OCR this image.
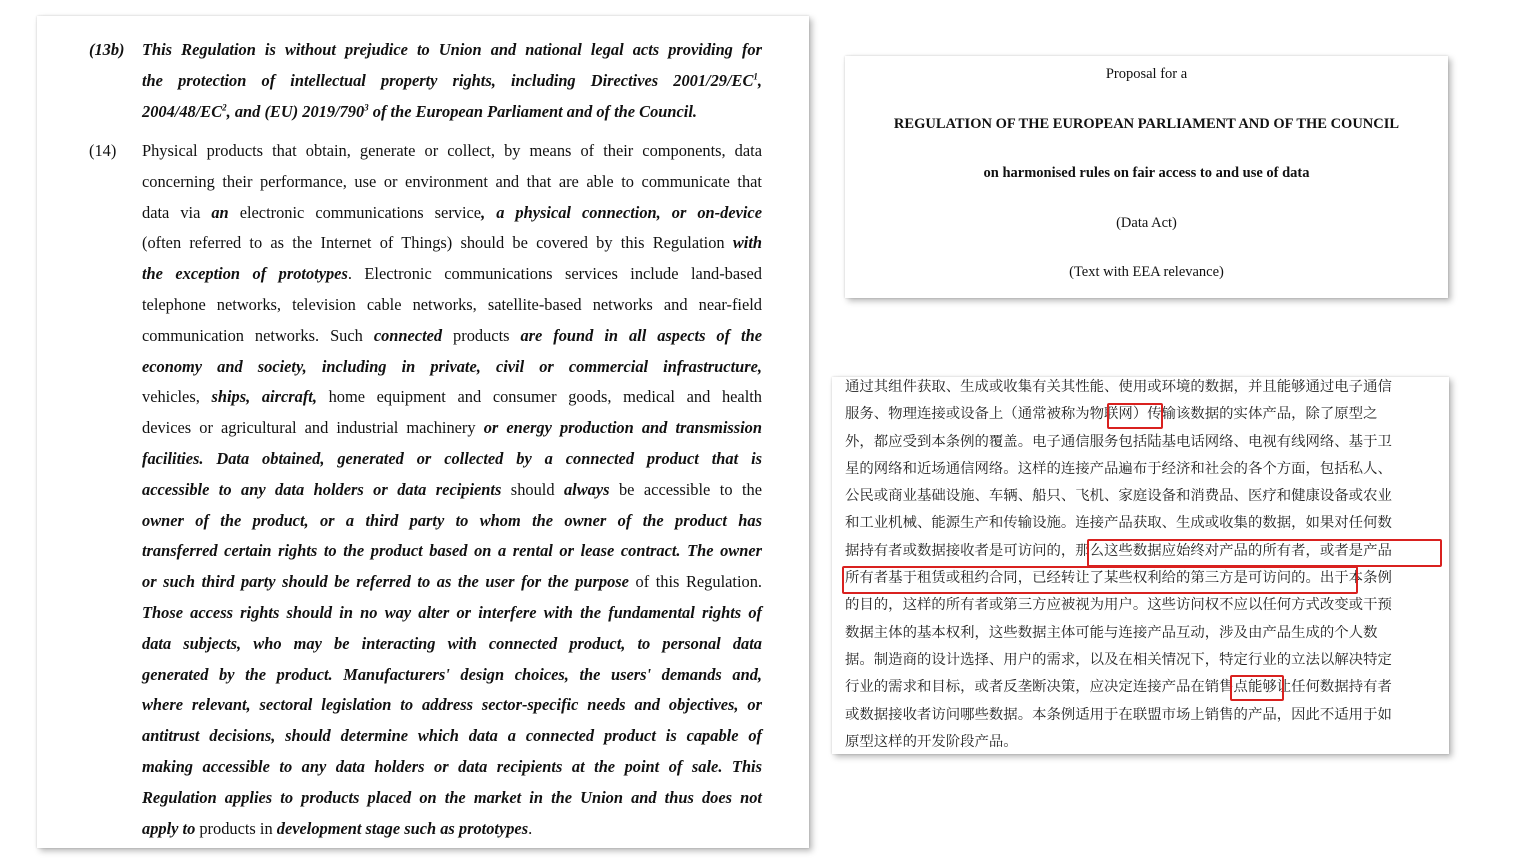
(13b) This Regulation is without prejudice to Union and national legal acts providing for
the protection of intellectual property rights, including Directives $2001/29/EC^1$,
$2004/48/EC^2$, and (EU) $2019/790^3$ of the European Parliament and of the Council.
(14) Physical products that obtain, generate or collect, by means of their components, data
concerning their performance, use or environment and that are able to communicate that
data via an electronic communications service, a physical connection, or on-device
(often referred to as the Internet of Things) should be covered by this Regulation with
the exception of prototypes. Electronic communications services include land-based
telephone networks, television cable networks, satellite-based networks and near-field
communication networks. Such connected products are found in all aspects of the
economy and society, including in private, civil or commercial infrastructure,
vehicles, ships, aircraft, home equipment and consumer goods, medical and health
devices or agricultural and industrial machinery or energy production and transmission
facilities. Data obtained, generated or collected by a connected product that is
accessible to any data holders or data recipients should always be accessible to the
owner of the product, or a third party to whom the owner of the product has
transferred certain rights to the product based on a rental or lease contract. The owner
or such third party should be referred to as the user for the purpose of this Regulation.
Those access rights should in no way alter or interfere with the fundamental rights of
data subjects, who may be interacting with connected product, to personal data
generated by the product. Manufacturers' design choices, the users' demands and,
where relevant, sectoral legislation to address sector-specific needs and objectives, or
antitrust decisions, should determine which data a connected product is capable of
making accessible to any data holders or data recipients at the point of sale. This
Regulation applies to products placed on the market in the Union and thus does not
apply to products in development stage such as prototypes.
Proposal for a
REGULATION OF THE EUROPEAN PARLIAMENT AND OF THE COUNCIL
on harmonised rules on fair access to and use of data
(Data Act)
(Text with EEA relevance)
通过其组件获取、生成或收集有关其性能、使用或环境的数据，并且能够通过电子通信
服务、物理连接或设备上（通常被称为物联网）传输该数据的实体产品，除了原型之
外，都应受到本条例的覆盖。电子通信服务包括陆基电话网络、电视有线网络、基于卫
星的网络和近场通信网络。这样的连接产品遍布于经济和社会的各个方面，包括私人、
公民或商业基础设施、车辆、船只、飞机、家庭设备和消费品、医疗和健康设备或农业
和工业机械、能源生产和传输设施。连接产品获取、生成或收集的数据，如果对任何数
据持有者或数据接收者是可访问的，那么这些数据应始终对产品的所有者，或者是产品
所有者基于租赁或租约合同，已经转让了某些权利给的第三方是可访问的。出于本条例
的目的，这样的所有者或第三方应被视为用户。这些访问权不应以任何方式改变或干预
数据主体的基本权利，这些数据主体可能与连接产品互动，涉及由产品生成的个人数
据。制造商的设计选择、用户的需求，以及在相关情况下，特定行业的立法以解决特定
行业的需求和目标，或者反垄断决策，应决定连接产品在销售点能够让任何数据持有者
或数据接收者访问哪些数据。本条例适用于在联盟市场上销售的产品，因此不适用于如
原型这样的开发阶段产品。
